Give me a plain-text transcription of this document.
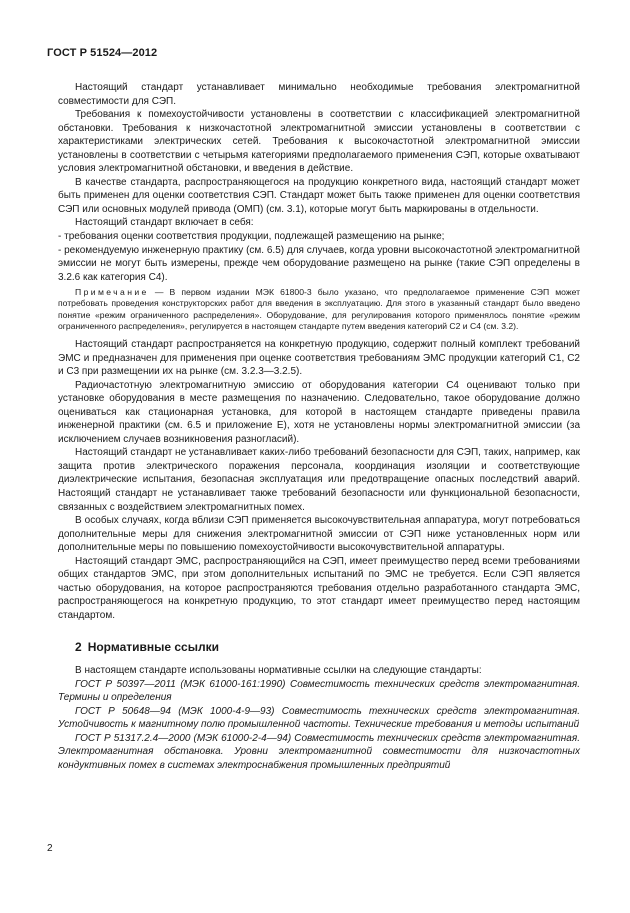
ГОСТ Р 51524—2012

Настоящий стандарт устанавливает минимально необходимые требования электромагнитной совместимости для СЭП.

Требования к помехоустойчивости установлены в соответствии с классификацией электромагнитной обстановки. Требования к низкочастотной электромагнитной эмиссии установлены в соответствии с характеристиками электрических сетей. Требования к высокочастотной электромагнитной эмиссии установлены в соответствии с четырьмя категориями предполагаемого применения СЭП, которые охватывают условия электромагнитной обстановки, и введения в действие.

В качестве стандарта, распространяющегося на продукцию конкретного вида, настоящий стандарт может быть применен для оценки соответствия СЭП. Стандарт может быть также применен для оценки соответствия СЭП или основных модулей привода (ОМП) (см. 3.1), которые могут быть маркированы в отдельности.

Настоящий стандарт включает в себя:

- требования оценки соответствия продукции, подлежащей размещению на рынке;

- рекомендуемую инженерную практику (см. 6.5) для случаев, когда уровни высокочастотной электромагнитной эмиссии не могут быть измерены, прежде чем оборудование размещено на рынке (такие СЭП определены в 3.2.6 как категория С4).

Примечание — В первом издании МЭК 61800-3 было указано, что предполагаемое применение СЭП может потребовать проведения конструкторских работ для введения в эксплуатацию. Для этого в указанный стандарт было введено понятие «режим ограниченного распределения». Оборудование, для регулирования которого применялось понятие «режим ограниченного распределения», регулируется в настоящем стандарте путем введения категорий С2 и С4 (см. 3.2).

Настоящий стандарт распространяется на конкретную продукцию, содержит полный комплект требований ЭМС и предназначен для применения при оценке соответствия требованиям ЭМС продукции категорий С1, С2 и С3 при размещении их на рынке (см. 3.2.3—3.2.5).

Радиочастотную электромагнитную эмиссию от оборудования категории С4 оценивают только при установке оборудования в месте размещения по назначению. Следовательно, такое оборудование должно оцениваться как стационарная установка, для которой в настоящем стандарте приведены правила инженерной практики (см. 6.5 и приложение Е), хотя не установлены нормы электромагнитной эмиссии (за исключением случаев возникновения разногласий).

Настоящий стандарт не устанавливает каких-либо требований безопасности для СЭП, таких, например, как защита против электрического поражения персонала, координация изоляции и соответствующие диэлектрические испытания, безопасная эксплуатация или предотвращение опасных последствий аварий. Настоящий стандарт не устанавливает также требований безопасности или функциональной безопасности, связанных с воздействием электромагнитных помех.

В особых случаях, когда вблизи СЭП применяется высокочувствительная аппаратура, могут потребоваться дополнительные меры для снижения электромагнитной эмиссии от СЭП ниже установленных норм или дополнительные меры по повышению помехоустойчивости высокочувствительной аппаратуры.

Настоящий стандарт ЭМС, распространяющийся на СЭП, имеет преимущество перед всеми требованиями общих стандартов ЭМС, при этом дополнительных испытаний по ЭМС не требуется. Если СЭП является частью оборудования, на которое распространяются требования отдельно разработанного стандарта ЭМС, распространяющегося на конкретную продукцию, то этот стандарт имеет преимущество перед настоящим стандартом.

2 Нормативные ссылки

В настоящем стандарте использованы нормативные ссылки на следующие стандарты:

ГОСТ Р 50397—2011 (МЭК 61000-161:1990) Совместимость технических средств электромагнитная. Термины и определения

ГОСТ Р 50648—94 (МЭК 1000-4-9—93) Совместимость технических средств электромагнитная. Устойчивость к магнитному полю промышленной частоты. Технические требования и методы испытаний

ГОСТ Р 51317.2.4—2000 (МЭК 61000-2-4—94) Совместимость технических средств электромагнитная. Электромагнитная обстановка. Уровни электромагнитной совместимости для низкочастотных кондуктивных помех в системах электроснабжения промышленных предприятий

2
